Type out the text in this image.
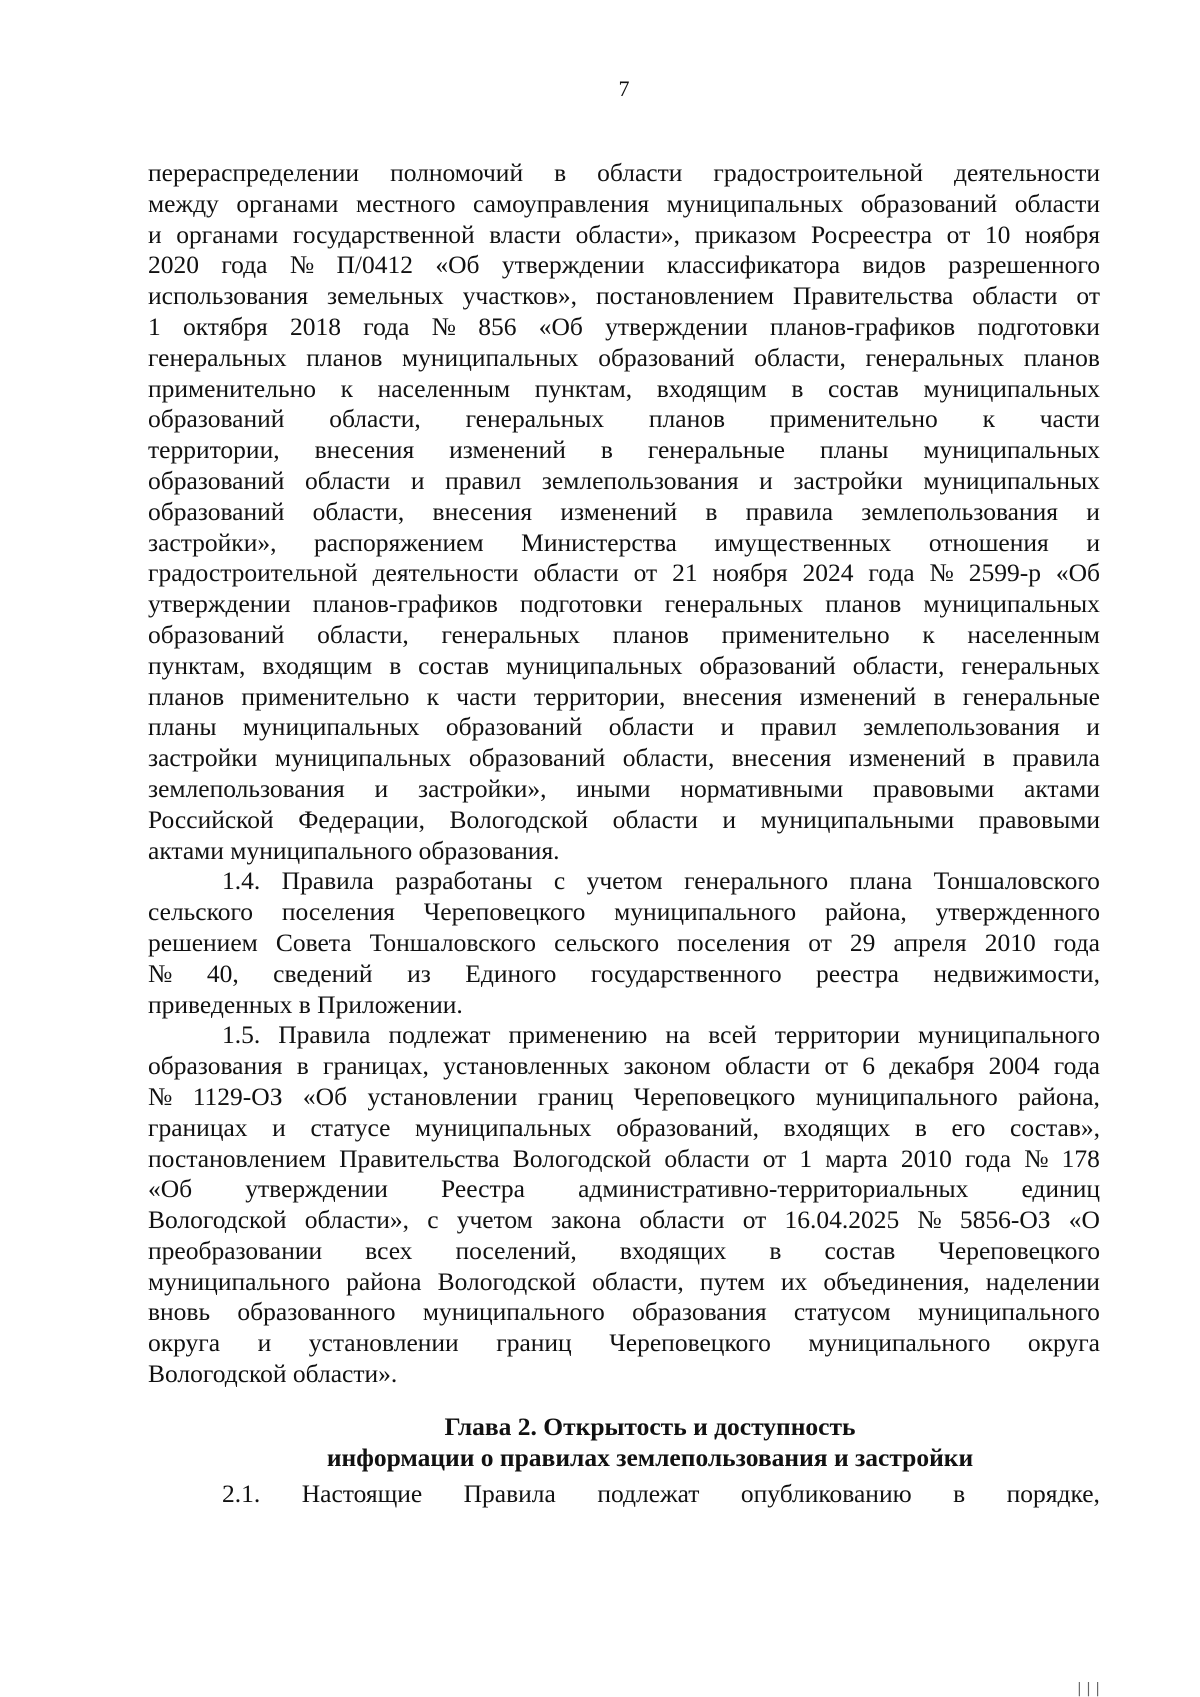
7
перераспределении полномочий в области градостроительной деятельности
между органами местного самоуправления муниципальных образований области
и органами государственной власти области», приказом Росреестра от 10 ноября
2020 года № П/0412 «Об утверждении классификатора видов разрешенного
использования земельных участков», постановлением Правительства области от
1 октября 2018 года № 856 «Об утверждении планов-графиков подготовки
генеральных планов муниципальных образований области, генеральных планов
применительно к населенным пунктам, входящим в состав муниципальных
образований области, генеральных планов применительно к части
территории, внесения изменений в генеральные планы муниципальных
образований области и правил землепользования и застройки муниципальных
образований области, внесения изменений в правила землепользования и
застройки», распоряжением Министерства имущественных отношения и
градостроительной деятельности области от 21 ноября 2024 года № 2599-р «Об
утверждении планов-графиков подготовки генеральных планов муниципальных
образований области, генеральных планов применительно к населенным
пунктам, входящим в состав муниципальных образований области, генеральных
планов применительно к части территории, внесения изменений в генеральные
планы муниципальных образований области и правил землепользования и
застройки муниципальных образований области, внесения изменений в правила
землепользования и застройки», иными нормативными правовыми актами
Российской Федерации, Вологодской области и муниципальными правовыми
актами муниципального образования.
1.4. Правила разработаны с учетом генерального плана Тоншаловского
сельского поселения Череповецкого муниципального района, утвержденного
решением Совета Тоншаловского сельского поселения от 29 апреля 2010 года
№ 40, сведений из Единого государственного реестра недвижимости,
приведенных в Приложении.
1.5. Правила подлежат применению на всей территории муниципального
образования в границах, установленных законом области от 6 декабря 2004 года
№ 1129-ОЗ «Об установлении границ Череповецкого муниципального района,
границах и статусе муниципальных образований, входящих в его состав»,
постановлением Правительства Вологодской области от 1 марта 2010 года № 178
«Об утверждении Реестра административно-территориальных единиц
Вологодской области», с учетом закона области от 16.04.2025 № 5856-ОЗ «О
преобразовании всех поселений, входящих в состав Череповецкого
муниципального района Вологодской области, путем их объединения, наделении
вновь образованного муниципального образования статусом муниципального
округа и установлении границ Череповецкого муниципального округа
Вологодской области».
Глава 2. Открытость и доступность
информации о правилах землепользования и застройки
2.1. Настоящие Правила подлежат опубликованию в порядке,
| | |
